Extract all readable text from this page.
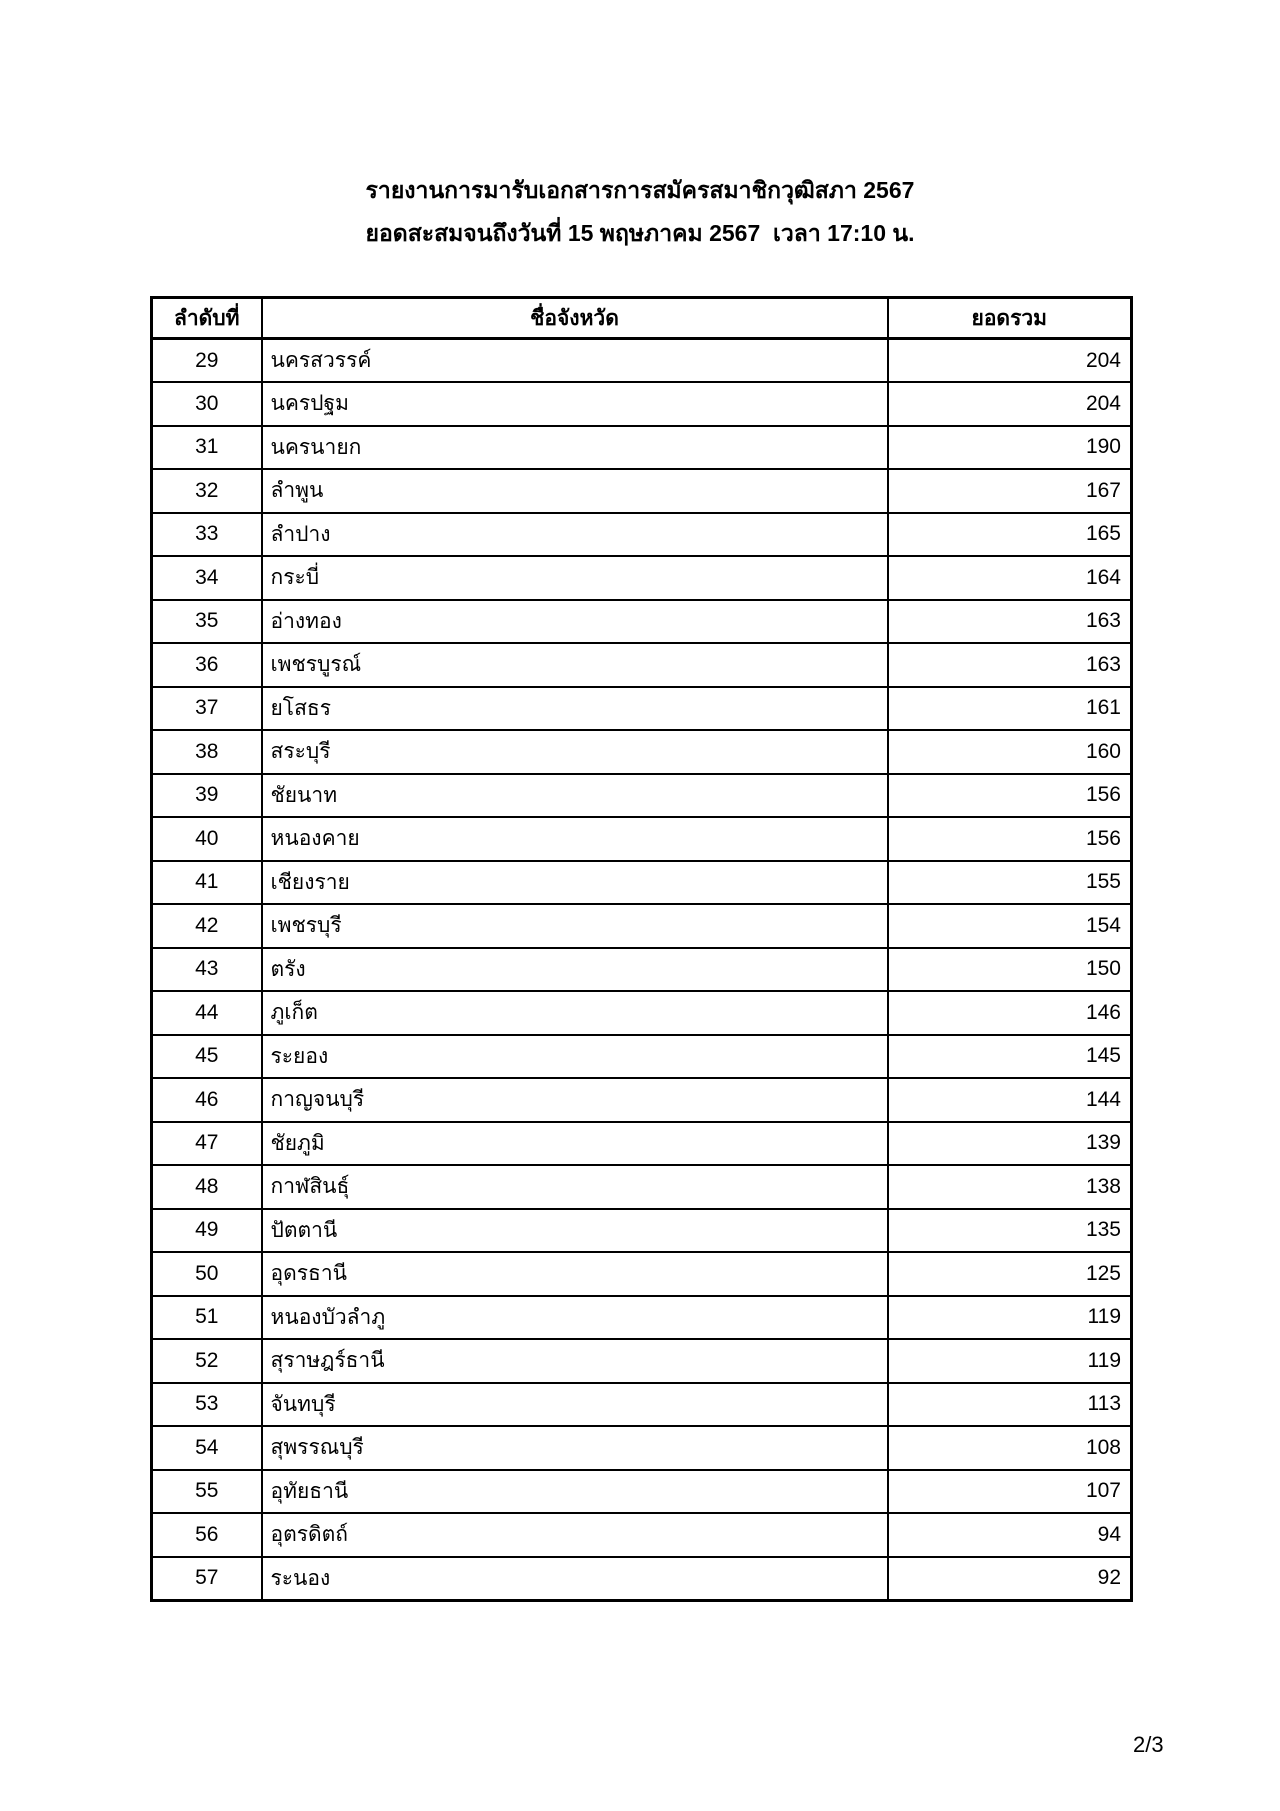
รายงานการมารับเอกสารการสมัครสมาชิกวุฒิสภา 2567
ยอดสะสมจนถึงวันที่ 15 พฤษภาคม 2567  เวลา 17:10 น.
ลำดับที่	ชื่อจังหวัด	ยอดรวม
29	นครสวรรค์	204
30	นครปฐม	204
31	นครนายก	190
32	ลำพูน	167
33	ลำปาง	165
34	กระบี่	164
35	อ่างทอง	163
36	เพชรบูรณ์	163
37	ยโสธร	161
38	สระบุรี	160
39	ชัยนาท	156
40	หนองคาย	156
41	เชียงราย	155
42	เพชรบุรี	154
43	ตรัง	150
44	ภูเก็ต	146
45	ระยอง	145
46	กาญจนบุรี	144
47	ชัยภูมิ	139
48	กาฬสินธุ์	138
49	ปัตตานี	135
50	อุดรธานี	125
51	หนองบัวลำภู	119
52	สุราษฎร์ธานี	119
53	จันทบุรี	113
54	สุพรรณบุรี	108
55	อุทัยธานี	107
56	อุตรดิตถ์	94
57	ระนอง	92
2/3
